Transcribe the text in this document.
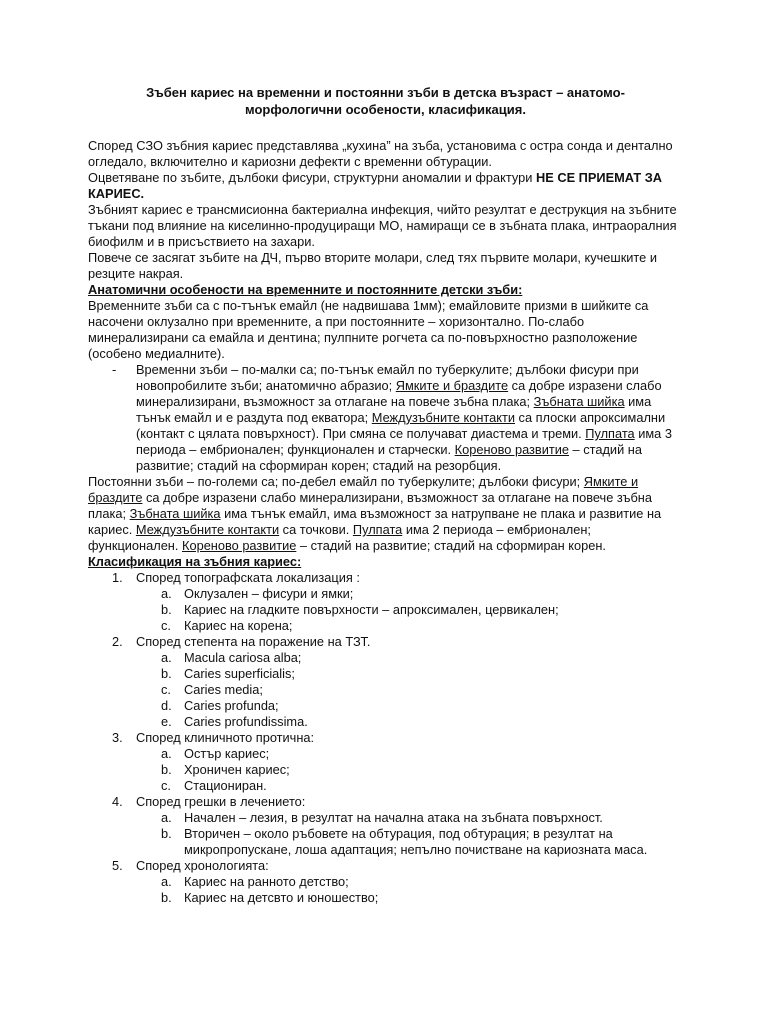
Зъбен кариес на временни и постоянни зъби в детска възраст – анатомо-морфологични особености, класификация.

Според СЗО зъбния кариес представлява „кухина” на зъба, установима с остра сонда и дентално огледало, включително и кариозни дефекти с временни обтурации.

Оцветяване по зъбите, дълбоки фисури, структурни аномалии и фрактури НЕ СЕ ПРИЕМАТ ЗА КАРИЕС.

Зъбният кариес е трансмисионна бактериална инфекция, чийто резултат е деструкция на зъбните тъкани под влияние на киселинно-продуциращи МО, намиращи се в зъбната плака, интраоралния биофилм и в присъствието на захари.

Повече се засягат зъбите на ДЧ, първо вторите молари, след тях първите молари, кучешките и резците накрая.

Анатомични особености на временните и постоянните детски зъби:

Временните зъби са с по-тънък емайл (не надвишава 1мм); емайловите призми в шийките са насочени оклузално при временните, а при постоянните – хоризонтално. По-слабо минерализирани са емайла и дентина; пулпните рогчета са по-повърхностно разположение (особено медиалните).

- Временни зъби – по-малки са; по-тънък емайл по туберкулите; дълбоки фисури при новопробилите зъби; анатомично абразио; Ямките и браздите са добре изразени слабо минерализирани, възможност за отлагане на повече зъбна плака; Зъбната шийка има тънък емайл и е раздута под екватора; Междузъбните контакти са плоски апроксимални (контакт с цялата повърхност). При смяна се получават диастема и треми. Пулпата има 3 периода – ембрионален; функционален и старчески. Кореново развитие – стадий на развитие; стадий на сформиран корен; стадий на резорбция.

Постоянни зъби – по-големи са; по-дебел емайл по туберкулите; дълбоки фисури; Ямките и браздите са добре изразени слабо минерализирани, възможност за отлагане на повече зъбна плака; Зъбната шийка има тънък емайл, има възможност за натрупване не плака и развитие на кариес. Междузъбните контакти са точкови. Пулпата има 2 периода – ембрионален; функционален. Кореново развитие – стадий на развитие; стадий на сформиран корен.

Класификация на зъбния кариес:

1. Според топографската локализация :
a. Оклузален – фисури и ямки;
b. Кариес на гладките повърхности – апроксимален, цервикален;
c. Кариес на корена;
2. Според степента на поражение на ТЗТ.
a. Macula cariosa alba;
b. Caries superficialis;
c. Caries media;
d. Caries profunda;
e. Caries profundissima.
3. Според клиничното протична:
a. Остър кариес;
b. Хроничен кариес;
c. Стационирaн.
4. Според грешки в лечението:
a. Начален – лезия, в резултат на начална атака на зъбната повърхност.
b. Вторичен – около ръбовете на обтурация, под обтурация; в резултат на микропропускане, лоша адаптация; непълно почистване на кариозната маса.
5. Според хронологията:
a. Кариес на ранното детство;
b. Кариес на детсвто и юношество;
